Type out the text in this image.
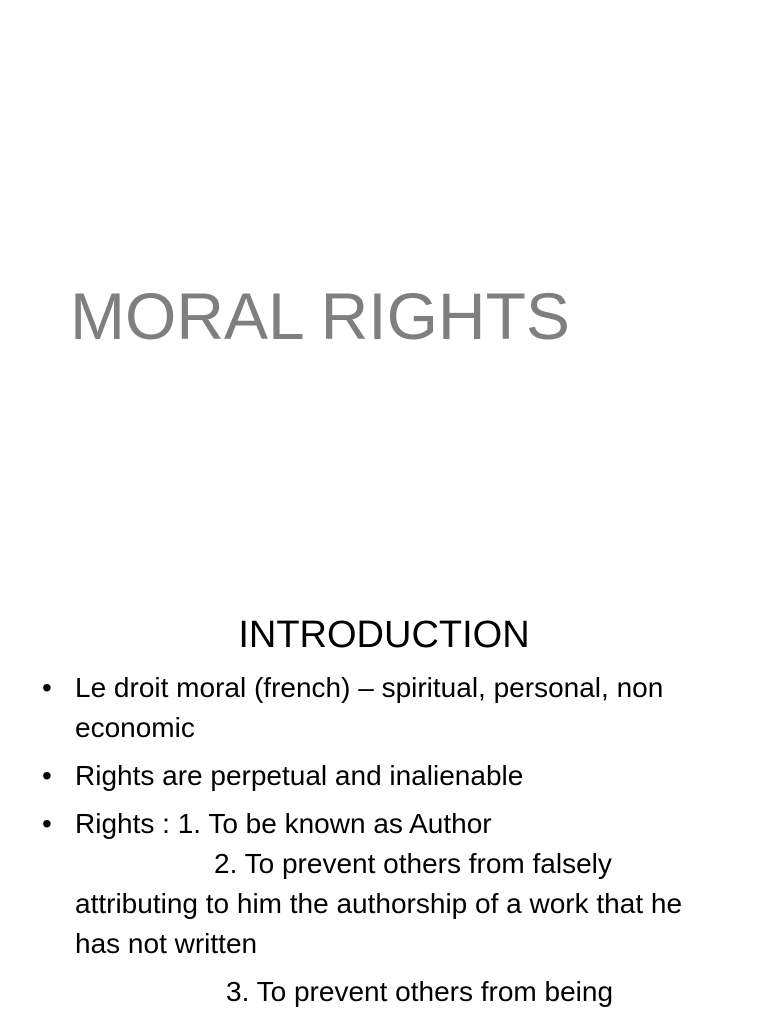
MORAL RIGHTS
INTRODUCTION
• Le droit moral (french) – spiritual, personal, non economic
• Rights are perpetual and inalienable
• Rights : 1. To be known as Author
2. To prevent others from falsely
attributing to him the authorship of a work that he has not written
3. To prevent others from being
